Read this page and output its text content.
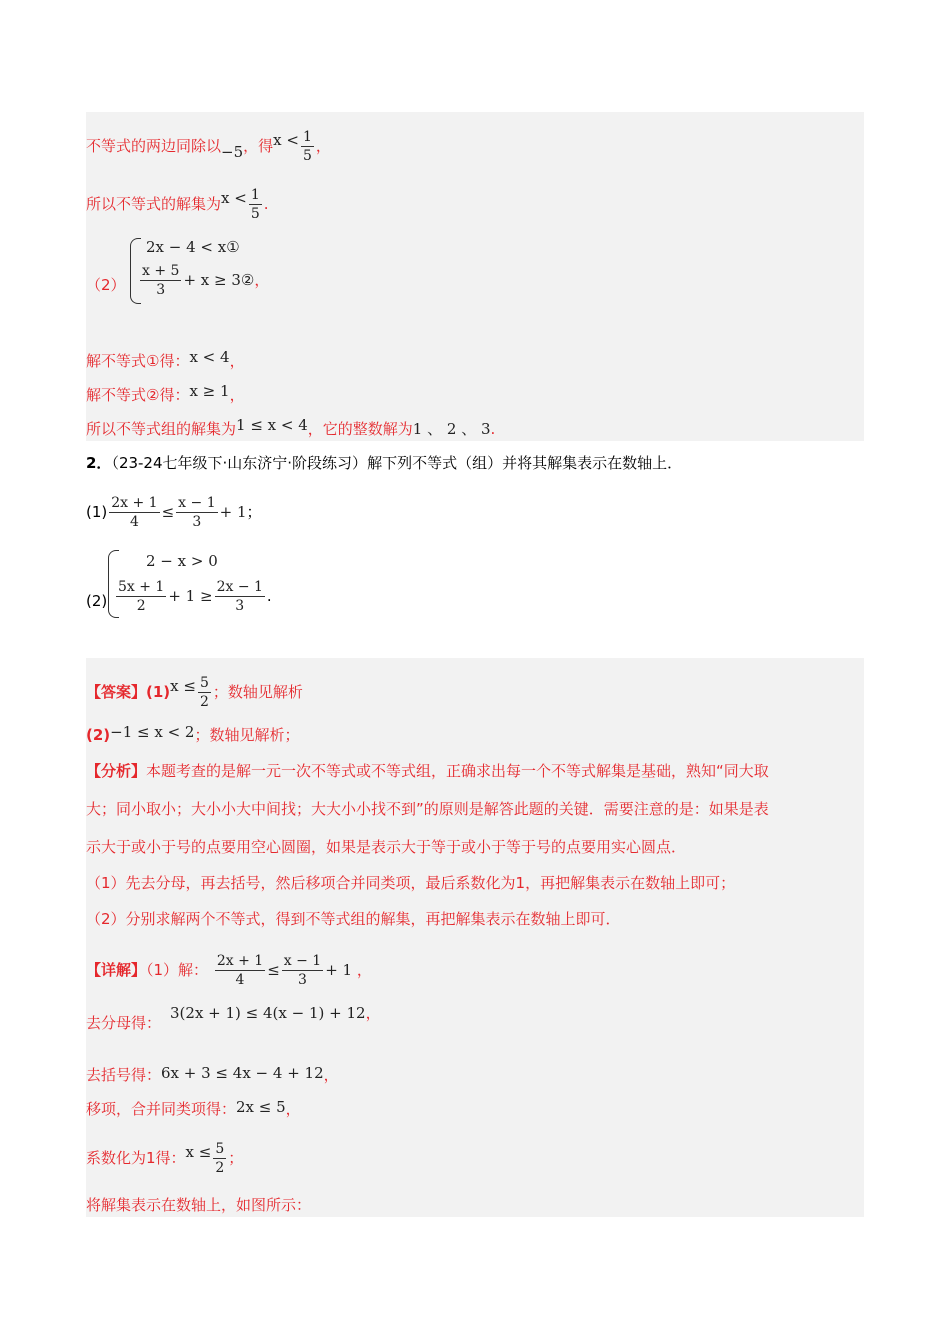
不等式的两边同除以−5，得$x < \frac{1}{5}$ ，
所以不等式的解集为$x < \frac{1}{5}$ .
（2）
2x − 4 < x①
$\frac{x + 5}{3} + x$ ≥ 3②，
解不等式①得：x < 4，
解不等式②得：x ≥ 1，
所以不等式组的解集为1 ≤ x < 4，它的整数解为1 、 2 、 3.
2．（23-24七年级下·山东济宁·阶段练习）解下列不等式（组）并将其解集表示在数轴上．
$(1) \frac{2x + 1}{4} \le \frac{x - 1}{3} + 1$；
(2)
2 − x > 0
$\frac{5x + 1}{2} + 1 \ge \frac{2x - 1}{3}$ .
【答案】$(1)x \le \frac{5}{2}$ ；数轴见解析
(2)−1 ≤ x < 2；数轴见解析；
【分析】本题考查的是解一元一次不等式或不等式组，正确求出每一个不等式解集是基础，熟知“同大取
大；同小取小；大小小大中间找；大大小小找不到”的原则是解答此题的关键．需要注意的是：如果是表
示大于或小于号的点要用空心圆圈，如果是表示大于等于或小于等于号的点要用实心圆点．
（1）先去分母，再去括号，然后移项合并同类项，最后系数化为1，再把解集表示在数轴上即可；
（2）分别求解两个不等式，得到不等式组的解集，再把解集表示在数轴上即可．
【详解】（1）解： $\frac{2x + 1}{4} \le \frac{x - 1}{3} + 1$ ，
去分母得：
3(2x + 1) ≤ 4(x − 1) + 12，
去括号得：6x + 3 ≤ 4x − 4 + 12，
移项，合并同类项得：2x ≤ 5，
系数化为1得：$x \le \frac{5}{2}$ ；
将解集表示在数轴上，如图所示：
